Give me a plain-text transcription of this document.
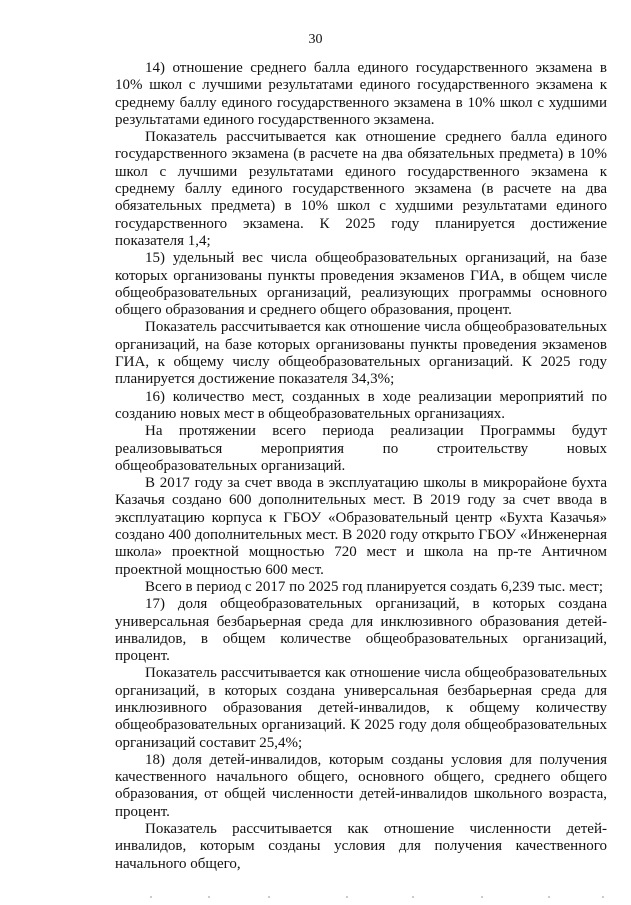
30

14) отношение среднего балла единого государственного экзамена в 10% школ с лучшими результатами единого государственного экзамена к среднему баллу единого государственного экзамена в 10% школ с худшими результатами единого государственного экзамена.

Показатель рассчитывается как отношение среднего балла единого государственного экзамена (в расчете на два обязательных предмета) в 10% школ с лучшими результатами единого государственного экзамена к среднему баллу единого государственного экзамена (в расчете на два обязательных предмета) в 10% школ с худшими результатами единого государственного экзамена. К 2025 году планируется достижение показателя 1,4;

15) удельный вес числа общеобразовательных организаций, на базе которых организованы пункты проведения экзаменов ГИА, в общем числе общеобразовательных организаций, реализующих программы основного общего образования и среднего общего образования, процент.

Показатель рассчитывается как отношение числа общеобразовательных организаций, на базе которых организованы пункты проведения экзаменов ГИА, к общему числу общеобразовательных организаций. К 2025 году планируется достижение показателя 34,3%;

16) количество мест, созданных в ходе реализации мероприятий по созданию новых мест в общеобразовательных организациях.

На протяжении всего периода реализации Программы будут реализовываться мероприятия по строительству новых общеобразовательных организаций.

В 2017 году за счет ввода в эксплуатацию школы в микрорайоне бухта Казачья создано 600 дополнительных мест. В 2019 году за счет ввода в эксплуатацию корпуса к ГБОУ «Образовательный центр «Бухта Казачья» создано 400 дополнительных мест. В 2020 году открыто ГБОУ «Инженерная школа» проектной мощностью 720 мест и школа на пр-те Античном проектной мощностью 600 мест.

Всего в период с 2017 по 2025 год планируется создать 6,239 тыс. мест;

17) доля общеобразовательных организаций, в которых создана универсальная безбарьерная среда для инклюзивного образования детей-инвалидов, в общем количестве общеобразовательных организаций, процент.

Показатель рассчитывается как отношение числа общеобразовательных организаций, в которых создана универсальная безбарьерная среда для инклюзивного образования детей-инвалидов, к общему количеству общеобразовательных организаций. К 2025 году доля общеобразовательных организаций составит 25,4%;

18) доля детей-инвалидов, которым созданы условия для получения качественного начального общего, основного общего, среднего общего образования, от общей численности детей-инвалидов школьного возраста, процент.

Показатель рассчитывается как отношение численности детей-инвалидов, которым созданы условия для получения качественного начального общего,
